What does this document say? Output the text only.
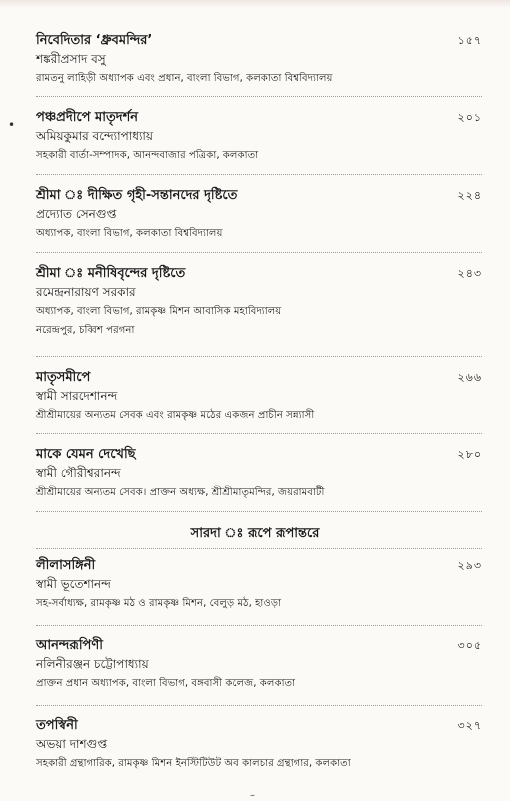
•
নিবেদিতার ‘ধ্রুবমন্দির’	১৫৭
শঙ্করীপ্রসাদ বসু
রামতনু লাহিড়ী অধ্যাপক এবং প্রধান, বাংলা বিভাগ, কলকাতা বিশ্ববিদ্যালয়
পঞ্চপ্রদীপে মাতৃদর্শন	২০১
অমিয়কুমার বন্দ্যোপাধ্যায়
সহকারী বার্তা-সম্পাদক, আনন্দবাজার পত্রিকা, কলকাতা
শ্রীমা ঃ দীক্ষিত গৃহী-সন্তানদের দৃষ্টিতে	২২৪
প্রদ্যোত সেনগুপ্ত
অধ্যাপক, বাংলা বিভাগ, কলকাতা বিশ্ববিদ্যালয়
শ্রীমা ঃ মনীষিবৃন্দের দৃষ্টিতে	২৪৩
রমেন্দ্রনারায়ণ সরকার
অধ্যাপক, বাংলা বিভাগ, রামকৃষ্ণ মিশন আবাসিক মহাবিদ্যালয়
নরেন্দ্রপুর, চব্বিশ পরগনা
মাতৃসমীপে	২৬৬
স্বামী সারদেশানন্দ
শ্রীশ্রীমায়ের অন্যতম সেবক এবং রামকৃষ্ণ মঠের একজন প্রাচীন সন্ন্যাসী
মাকে যেমন দেখেছি	২৮০
স্বামী গৌরীশ্বরানন্দ
শ্রীশ্রীমায়ের অন্যতম সেবক। প্রাক্তন অধ্যক্ষ, শ্রীশ্রীমাতৃমন্দির, জয়রামবাটী
সারদা ঃ রূপে রূপান্তরে
লীলাসঙ্গিনী	২৯৩
স্বামী ভূতেশানন্দ
সহ-সর্বাধ্যক্ষ, রামকৃষ্ণ মঠ ও রামকৃষ্ণ মিশন, বেলুড় মঠ, হাওড়া
আনন্দরূপিণী	৩০৫
নলিনীরঞ্জন চট্টোপাধ্যায়
প্রাক্তন প্রধান অধ্যাপক, বাংলা বিভাগ, বঙ্গবাসী কলেজ, কলকাতা
তপস্বিনী	৩২৭
অভয়া দাশগুপ্ত
সহকারী গ্রন্থাগারিক, রামকৃষ্ণ মিশন ইনস্টিটিউট অব কালচার গ্রন্থাগার, কলকাতা
–
